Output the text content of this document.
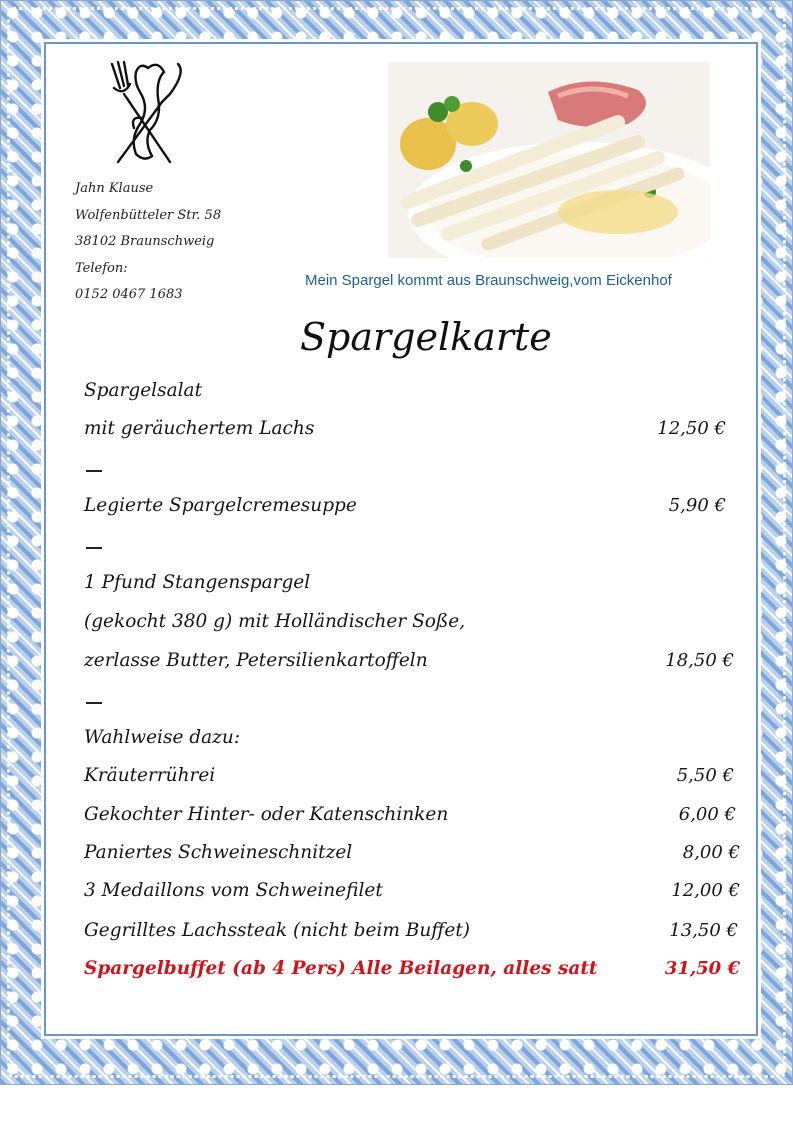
Jahn Klause
Wolfenbütteler Str. 58
38102 Braunschweig
Telefon:
0152 0467 1683
Mein Spargel kommt aus Braunschweig,vom Eickenhof
Spargelkarte
Spargelsalat
mit geräuchertem Lachs
Legierte Spargelcremesuppe
1 Pfund Stangenspargel
(gekocht 380 g) mit Holländischer Soße,
zerlasse Butter, Petersilienkartoffeln
Wahlweise dazu:
Kräuterrührei
Gekochter Hinter- oder Katenschinken
Paniertes Schweineschnitzel
3 Medaillons vom Schweinefilet
Gegrilltes Lachssteak (nicht beim Buffet)
Spargelbuffet (ab 4 Pers) Alle Beilagen, alles satt
12,50 €
5,90 €
18,50 €
5,50 €
6,00 €
8,00 €
12,00 €
13,50 €
31,50 €
